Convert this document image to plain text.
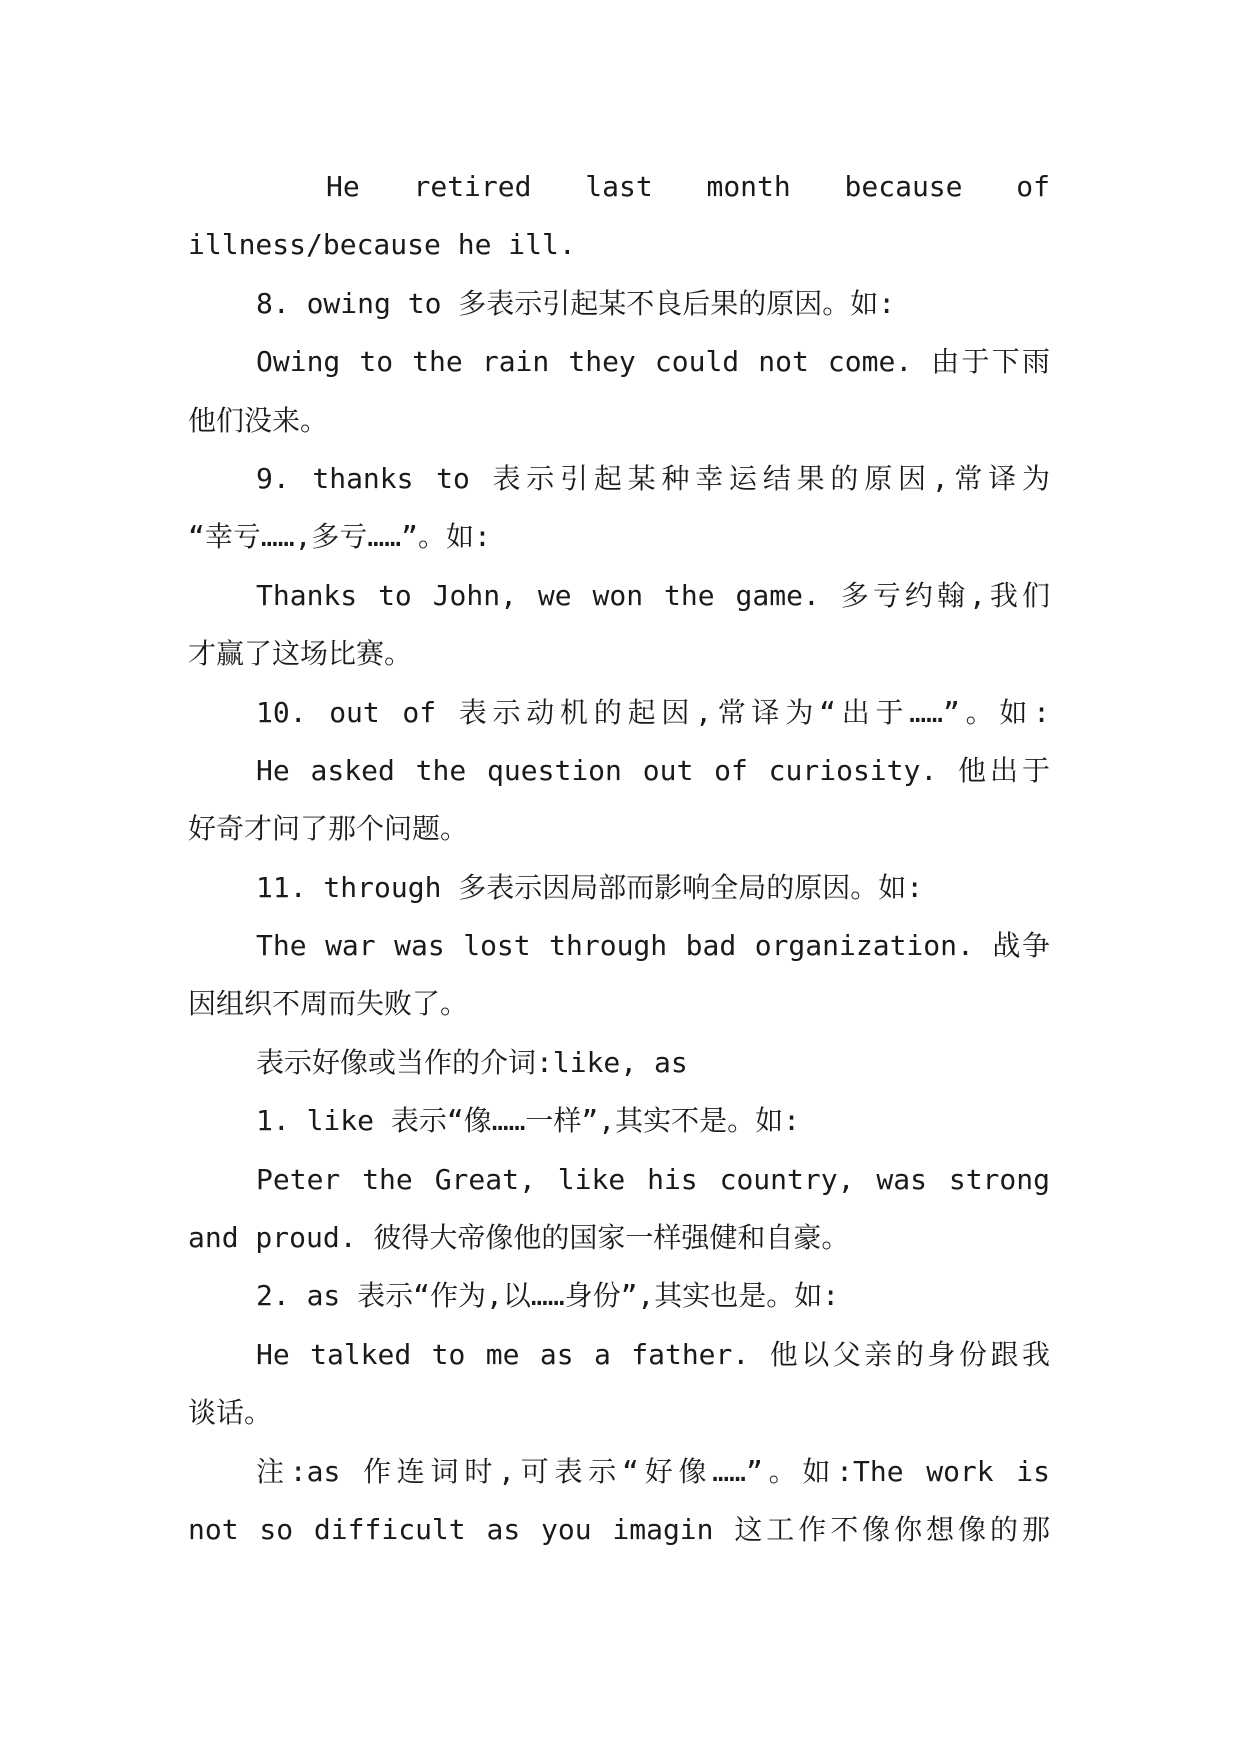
He retired last month because of
illness/because he ill.
8. owing to 多表示引起某不良后果的原因。如:
Owing to the rain they could not come. 由于下雨
他们没来。
9. thanks to 表示引起某种幸运结果的原因,常译为
“幸亏……,多亏……”。如:
Thanks to John, we won the game. 多亏约翰,我们
才赢了这场比赛。
10. out of 表示动机的起因,常译为“出于……”。如:
He asked the question out of curiosity. 他出于
好奇才问了那个问题。
11. through 多表示因局部而影响全局的原因。如:
The war was lost through bad organization. 战争
因组织不周而失败了。
表示好像或当作的介词:like, as
1. like 表示“像……一样”,其实不是。如:
Peter the Great, like his country, was strong
and proud. 彼得大帝像他的国家一样强健和自豪。
2. as 表示“作为,以……身份”,其实也是。如:
He talked to me as a father. 他以父亲的身份跟我
谈话。
注:as 作连词时,可表示“好像……”。如:The work is
not so difficult as you imagin 这工作不像你想像的那
